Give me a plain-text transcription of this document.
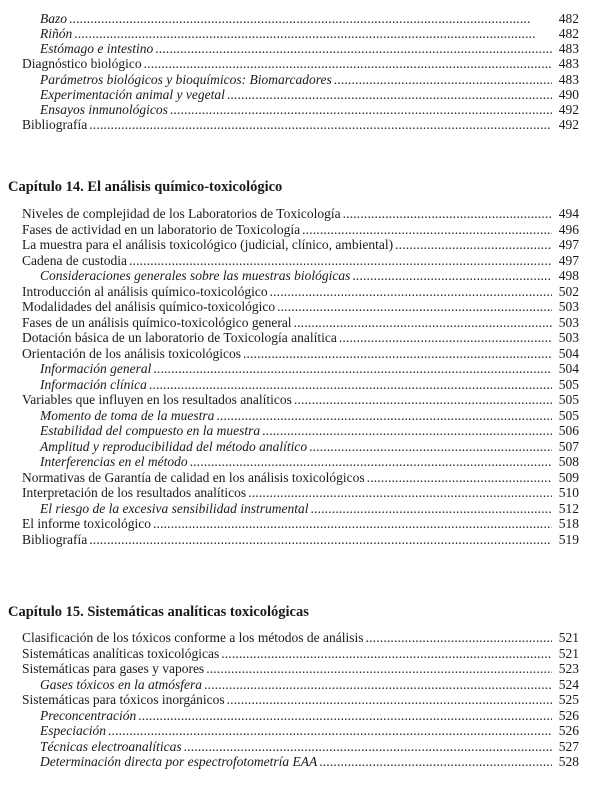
Bazo . . .	482
Riñón . . .	482
Estómago e intestino . . .	483
Diagnóstico biológico . . .	483
Parámetros biológicos y bioquímicos: Biomarcadores . . .	483
Experimentación animal y vegetal . . .	490
Ensayos inmunológicos . . .	492
Bibliografía . . .	492
Capítulo 14. El análisis químico-toxicológico
Niveles de complejidad de los Laboratorios de Toxicología . . .	494
Fases de actividad en un laboratorio de Toxicología . . .	496
La muestra para el análisis toxicológico (judicial, clínico, ambiental) . . .	497
Cadena de custodia . . .	497
Consideraciones generales sobre las muestras biológicas . . .	498
Introducción al análisis químico-toxicológico . . .	502
Modalidades del análisis químico-toxicológico . . .	503
Fases de un análisis químico-toxicológico general . . .	503
Dotación básica de un laboratorio de Toxicología analítica . . .	503
Orientación de los análisis toxicológicos . . .	504
Información general . . .	504
Información clínica . . .	505
Variables que influyen en los resultados analíticos . . .	505
Momento de toma de la muestra . . .	505
Estabilidad del compuesto en la muestra . . .	506
Amplitud y reproducibilidad del método analítico . . .	507
Interferencias en el método . . .	508
Normativas de Garantía de calidad en los análisis toxicológicos . . .	509
Interpretación de los resultados analíticos . . .	510
El riesgo de la excesiva sensibilidad instrumental . . .	512
El informe toxicológico . . .	518
Bibliografía . . .	519
Capítulo 15. Sistemáticas analíticas toxicológicas
Clasificación de los tóxicos conforme a los métodos de análisis . . .	521
Sistemáticas analíticas toxicológicas . . .	521
Sistemáticas para gases y vapores . . .	523
Gases tóxicos en la atmósfera . . .	524
Sistemáticas para tóxicos inorgánicos . . .	525
Preconcentración . . .	526
Especiación . . .	526
Técnicas electroanalíticas . . .	527
Determinación directa por espectrofotometría EAA . . .	528
